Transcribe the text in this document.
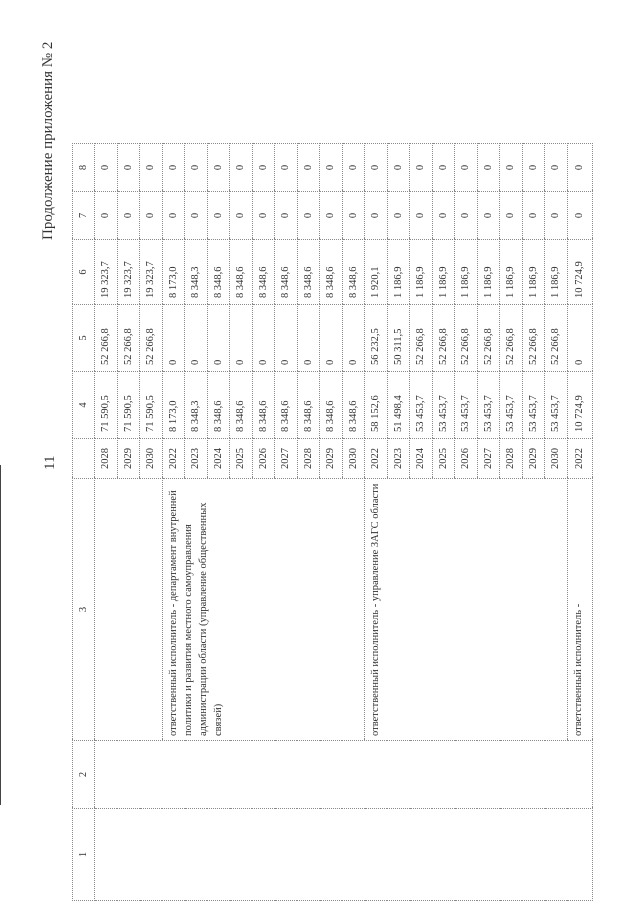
11
Продолжение приложения № 2
1	2	3		4	5	6	7	8
			2028	71 590,5	52 266,8	19 323,7	0	0
			2029	71 590,5	52 266,8	19 323,7	0	0
			2030	71 590,5	52 266,8	19 323,7	0	0
		ответственный исполнитель - департамент внутренней политики и развития местного самоуправления администрации области (управление общественных связей)	2022	8 173,0	0	8 173,0	0	0
			2023	8 348,3	0	8 348,3	0	0
			2024	8 348,6	0	8 348,6	0	0
			2025	8 348,6	0	8 348,6	0	0
			2026	8 348,6	0	8 348,6	0	0
			2027	8 348,6	0	8 348,6	0	0
			2028	8 348,6	0	8 348,6	0	0
			2029	8 348,6	0	8 348,6	0	0
			2030	8 348,6	0	8 348,6	0	0
		ответственный исполнитель - управление ЗАГС области	2022	58 152,6	56 232,5	1 920,1	0	0
			2023	51 498,4	50 311,5	1 186,9	0	0
			2024	53 453,7	52 266,8	1 186,9	0	0
			2025	53 453,7	52 266,8	1 186,9	0	0
			2026	53 453,7	52 266,8	1 186,9	0	0
			2027	53 453,7	52 266,8	1 186,9	0	0
			2028	53 453,7	52 266,8	1 186,9	0	0
			2029	53 453,7	52 266,8	1 186,9	0	0
			2030	53 453,7	52 266,8	1 186,9	0	0
		ответственный исполнитель -	2022	10 724,9	0	10 724,9	0	0
